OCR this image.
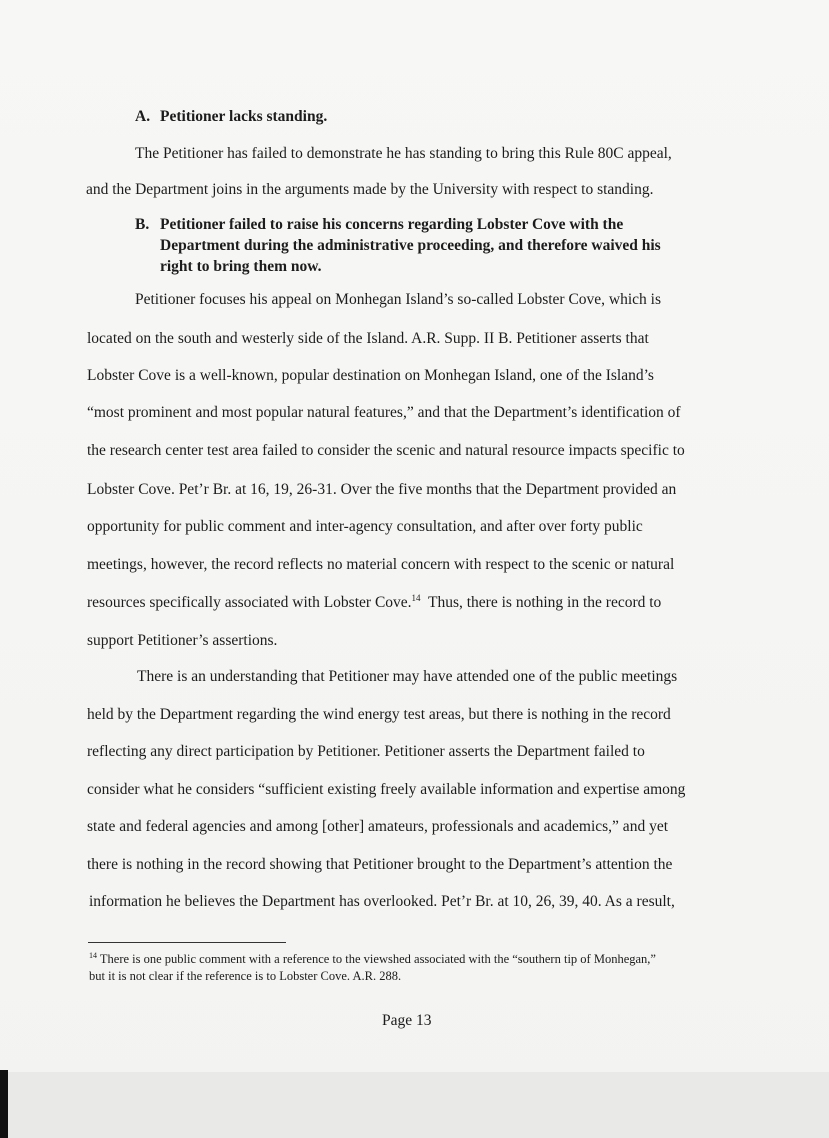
A. Petitioner lacks standing.
The Petitioner has failed to demonstrate he has standing to bring this Rule 80C appeal,
and the Department joins in the arguments made by the University with respect to standing.
B. Petitioner failed to raise his concerns regarding Lobster Cove with the
Department during the administrative proceeding, and therefore waived his
right to bring them now.
Petitioner focuses his appeal on Monhegan Island’s so-called Lobster Cove, which is
located on the south and westerly side of the Island. A.R. Supp. II B. Petitioner asserts that
Lobster Cove is a well-known, popular destination on Monhegan Island, one of the Island’s
“most prominent and most popular natural features,” and that the Department’s identification of
the research center test area failed to consider the scenic and natural resource impacts specific to
Lobster Cove. Pet’r Br. at 16, 19, 26-31. Over the five months that the Department provided an
opportunity for public comment and inter-agency consultation, and after over forty public
meetings, however, the record reflects no material concern with respect to the scenic or natural
resources specifically associated with Lobster Cove.$^{14}$  Thus, there is nothing in the record to
support Petitioner’s assertions.
There is an understanding that Petitioner may have attended one of the public meetings
held by the Department regarding the wind energy test areas, but there is nothing in the record
reflecting any direct participation by Petitioner. Petitioner asserts the Department failed to
consider what he considers “sufficient existing freely available information and expertise among
state and federal agencies and among [other] amateurs, professionals and academics,” and yet
there is nothing in the record showing that Petitioner brought to the Department’s attention the
information he believes the Department has overlooked. Pet’r Br. at 10, 26, 39, 40. As a result,
$^{14}$ There is one public comment with a reference to the viewshed associated with the “southern tip of Monhegan,”
but it is not clear if the reference is to Lobster Cove. A.R. 288.
Page 13
